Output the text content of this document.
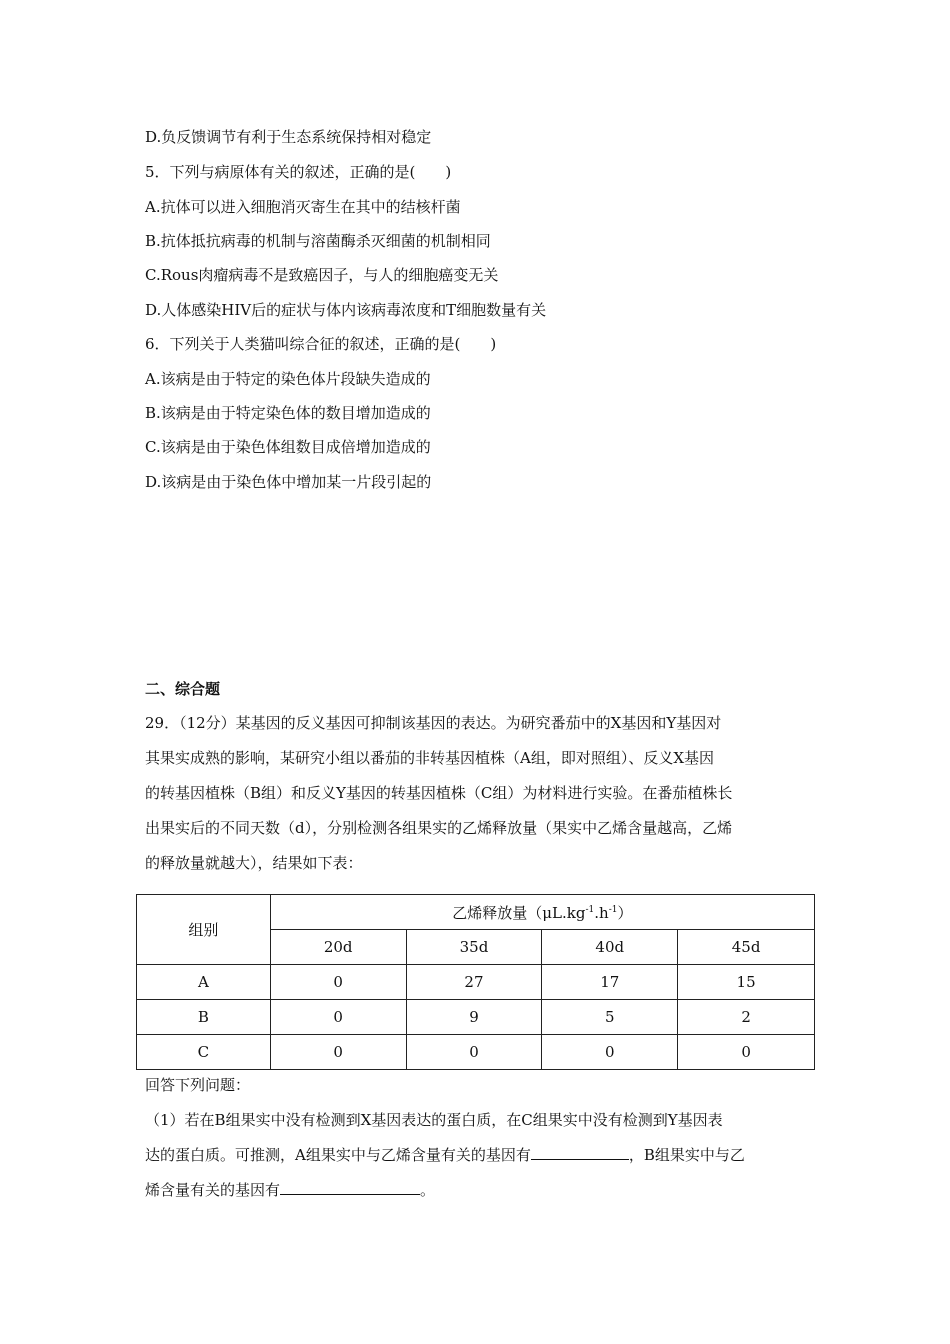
D.负反馈调节有利于生态系统保持相对稳定
5．下列与病原体有关的叙述，正确的是(　　)
A.抗体可以进入细胞消灭寄生在其中的结核杆菌
B.抗体抵抗病毒的机制与溶菌酶杀灭细菌的机制相同
C.Rous肉瘤病毒不是致癌因子，与人的细胞癌变无关
D.人体感染HIV后的症状与体内该病毒浓度和T细胞数量有关
6．下列关于人类猫叫综合征的叙述，正确的是(　　)
A.该病是由于特定的染色体片段缺失造成的
B.该病是由于特定染色体的数目增加造成的
C.该病是由于染色体组数目成倍增加造成的
D.该病是由于染色体中增加某一片段引起的
二、综合题
29．（12分）某基因的反义基因可抑制该基因的表达。为研究番茄中的X基因和Y基因对
其果实成熟的影响，某研究小组以番茄的非转基因植株（A组，即对照组）、反义X基因
的转基因植株（B组）和反义Y基因的转基因植株（C组）为材料进行实验。在番茄植株长
出果实后的不同天数（d），分别检测各组果实的乙烯释放量（果实中乙烯含量越高，乙烯
的释放量就越大），结果如下表：
组别	乙烯释放量$(\mu L.kg^{-1}.h^{-1})$			
	20d	35d	40d	45d
A	0	27	17	15
B	0	9	5	2
C	0	0	0	0
回答下列问题：
（1）若在B组果实中没有检测到X基因表达的蛋白质，在C组果实中没有检测到Y基因表
达的蛋白质。可推测，A组果实中与乙烯含量有关的基因有	，B组果实中与乙
烯含量有关的基因有	。
